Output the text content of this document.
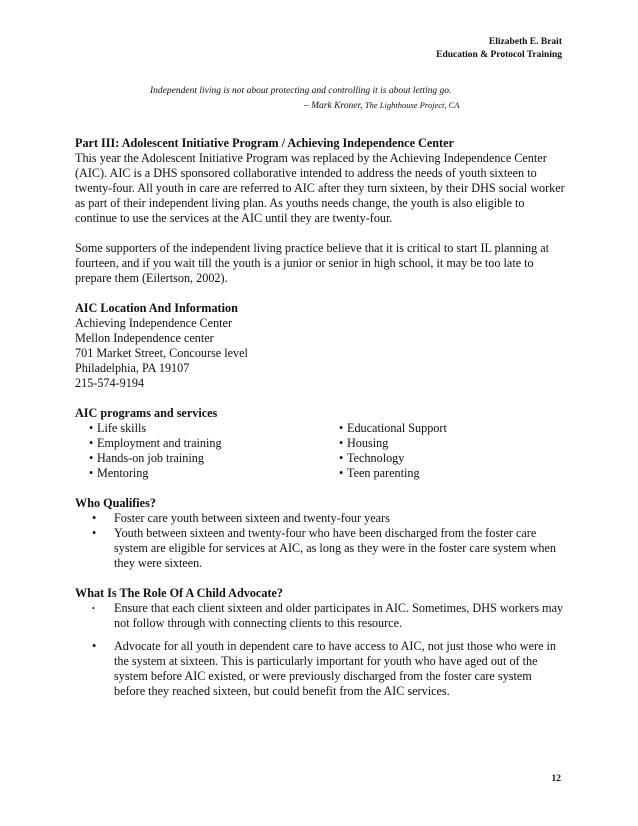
Elizabeth E. Brait
Education & Protocol Training
Independent living is not about protecting and controlling it is about letting go.
– Mark Kroner, The Lighthouse Project, CA
Part III: Adolescent Initiative Program / Achieving Independence Center

This year the Adolescent Initiative Program was replaced by the Achieving Independence Center (AIC). AIC is a DHS sponsored collaborative intended to address the needs of youth sixteen to twenty-four. All youth in care are referred to AIC after they turn sixteen, by their DHS social worker as part of their independent living plan. As youths needs change, the youth is also eligible to continue to use the services at the AIC until they are twenty-four.

Some supporters of the independent living practice believe that it is critical to start IL planning at fourteen, and if you wait till the youth is a junior or senior in high school, it may be too late to prepare them (Eilertson, 2002).

AIC Location And Information
Achieving Independence Center
Mellon Independence center
701 Market Street, Concourse level
Philadelphia, PA 19107
215-574-9194
AIC programs and services
• Life skills
• Employment and training
• Hands-on job training
• Mentoring
• Educational Support
• Housing
• Technology
• Teen parenting
Who Qualifies?
• Foster care youth between sixteen and twenty-four years
• Youth between sixteen and twenty-four who have been discharged from the foster care system are eligible for services at AIC, as long as they were in the foster care system when they were sixteen.
What Is The Role Of A Child Advocate?
• Ensure that each client sixteen and older participates in AIC. Sometimes, DHS workers may not follow through with connecting clients to this resource.
• Advocate for all youth in dependent care to have access to AIC, not just those who were in the system at sixteen. This is particularly important for youth who have aged out of the system before AIC existed, or were previously discharged from the foster care system before they reached sixteen, but could benefit from the AIC services.
12
